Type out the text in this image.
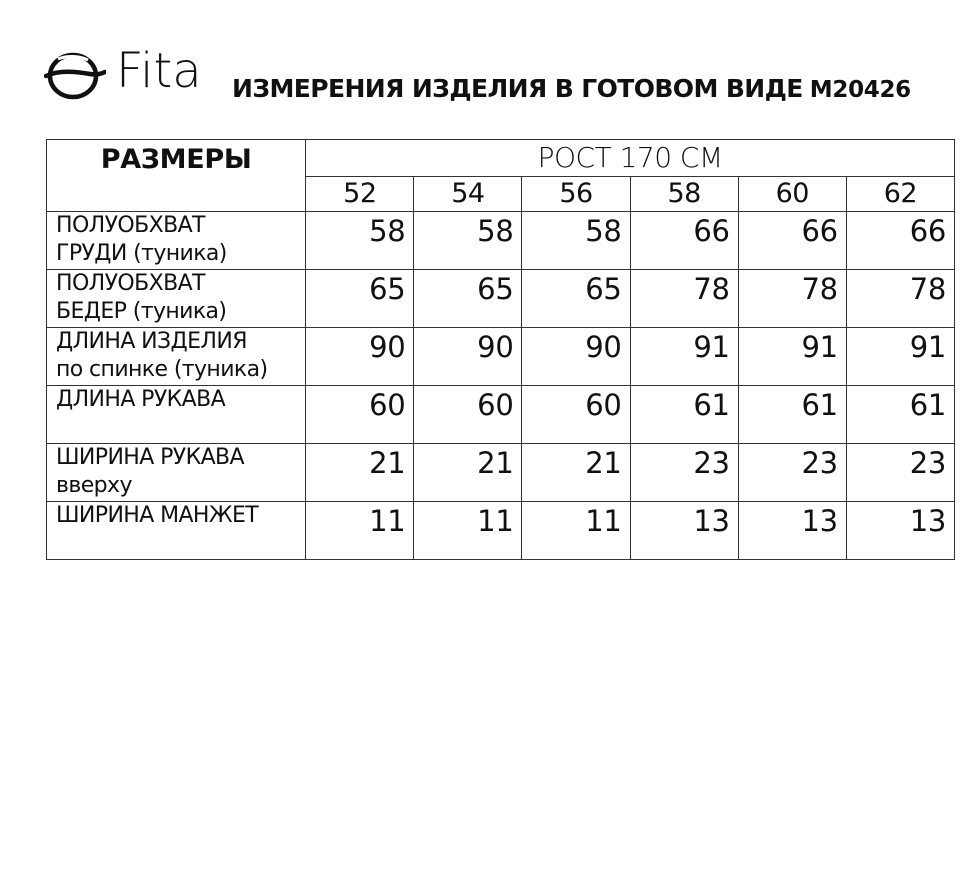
Fita ИЗМЕРЕНИЯ ИЗДЕЛИЯ В ГОТОВОМ ВИДЕ М20426
РАЗМЕРЫ	РОСТ 170 СМ					
	52	54	56	58	60	62

ПОЛУОБХВАТ
ГРУДИ (туника)	58	58	58	66	66	66

ПОЛУОБХВАТ
БЕДЕР (туника)	65	65	65	78	78	78

ДЛИНА ИЗДЕЛИЯ
по спинке (туника)	90	90	90	91	91	91

ДЛИНА РУКАВА	60	60	60	61	61	61

ШИРИНА РУКАВА
вверху	21	21	21	23	23	23

ШИРИНА МАНЖЕТ	11	11	11	13	13	13
